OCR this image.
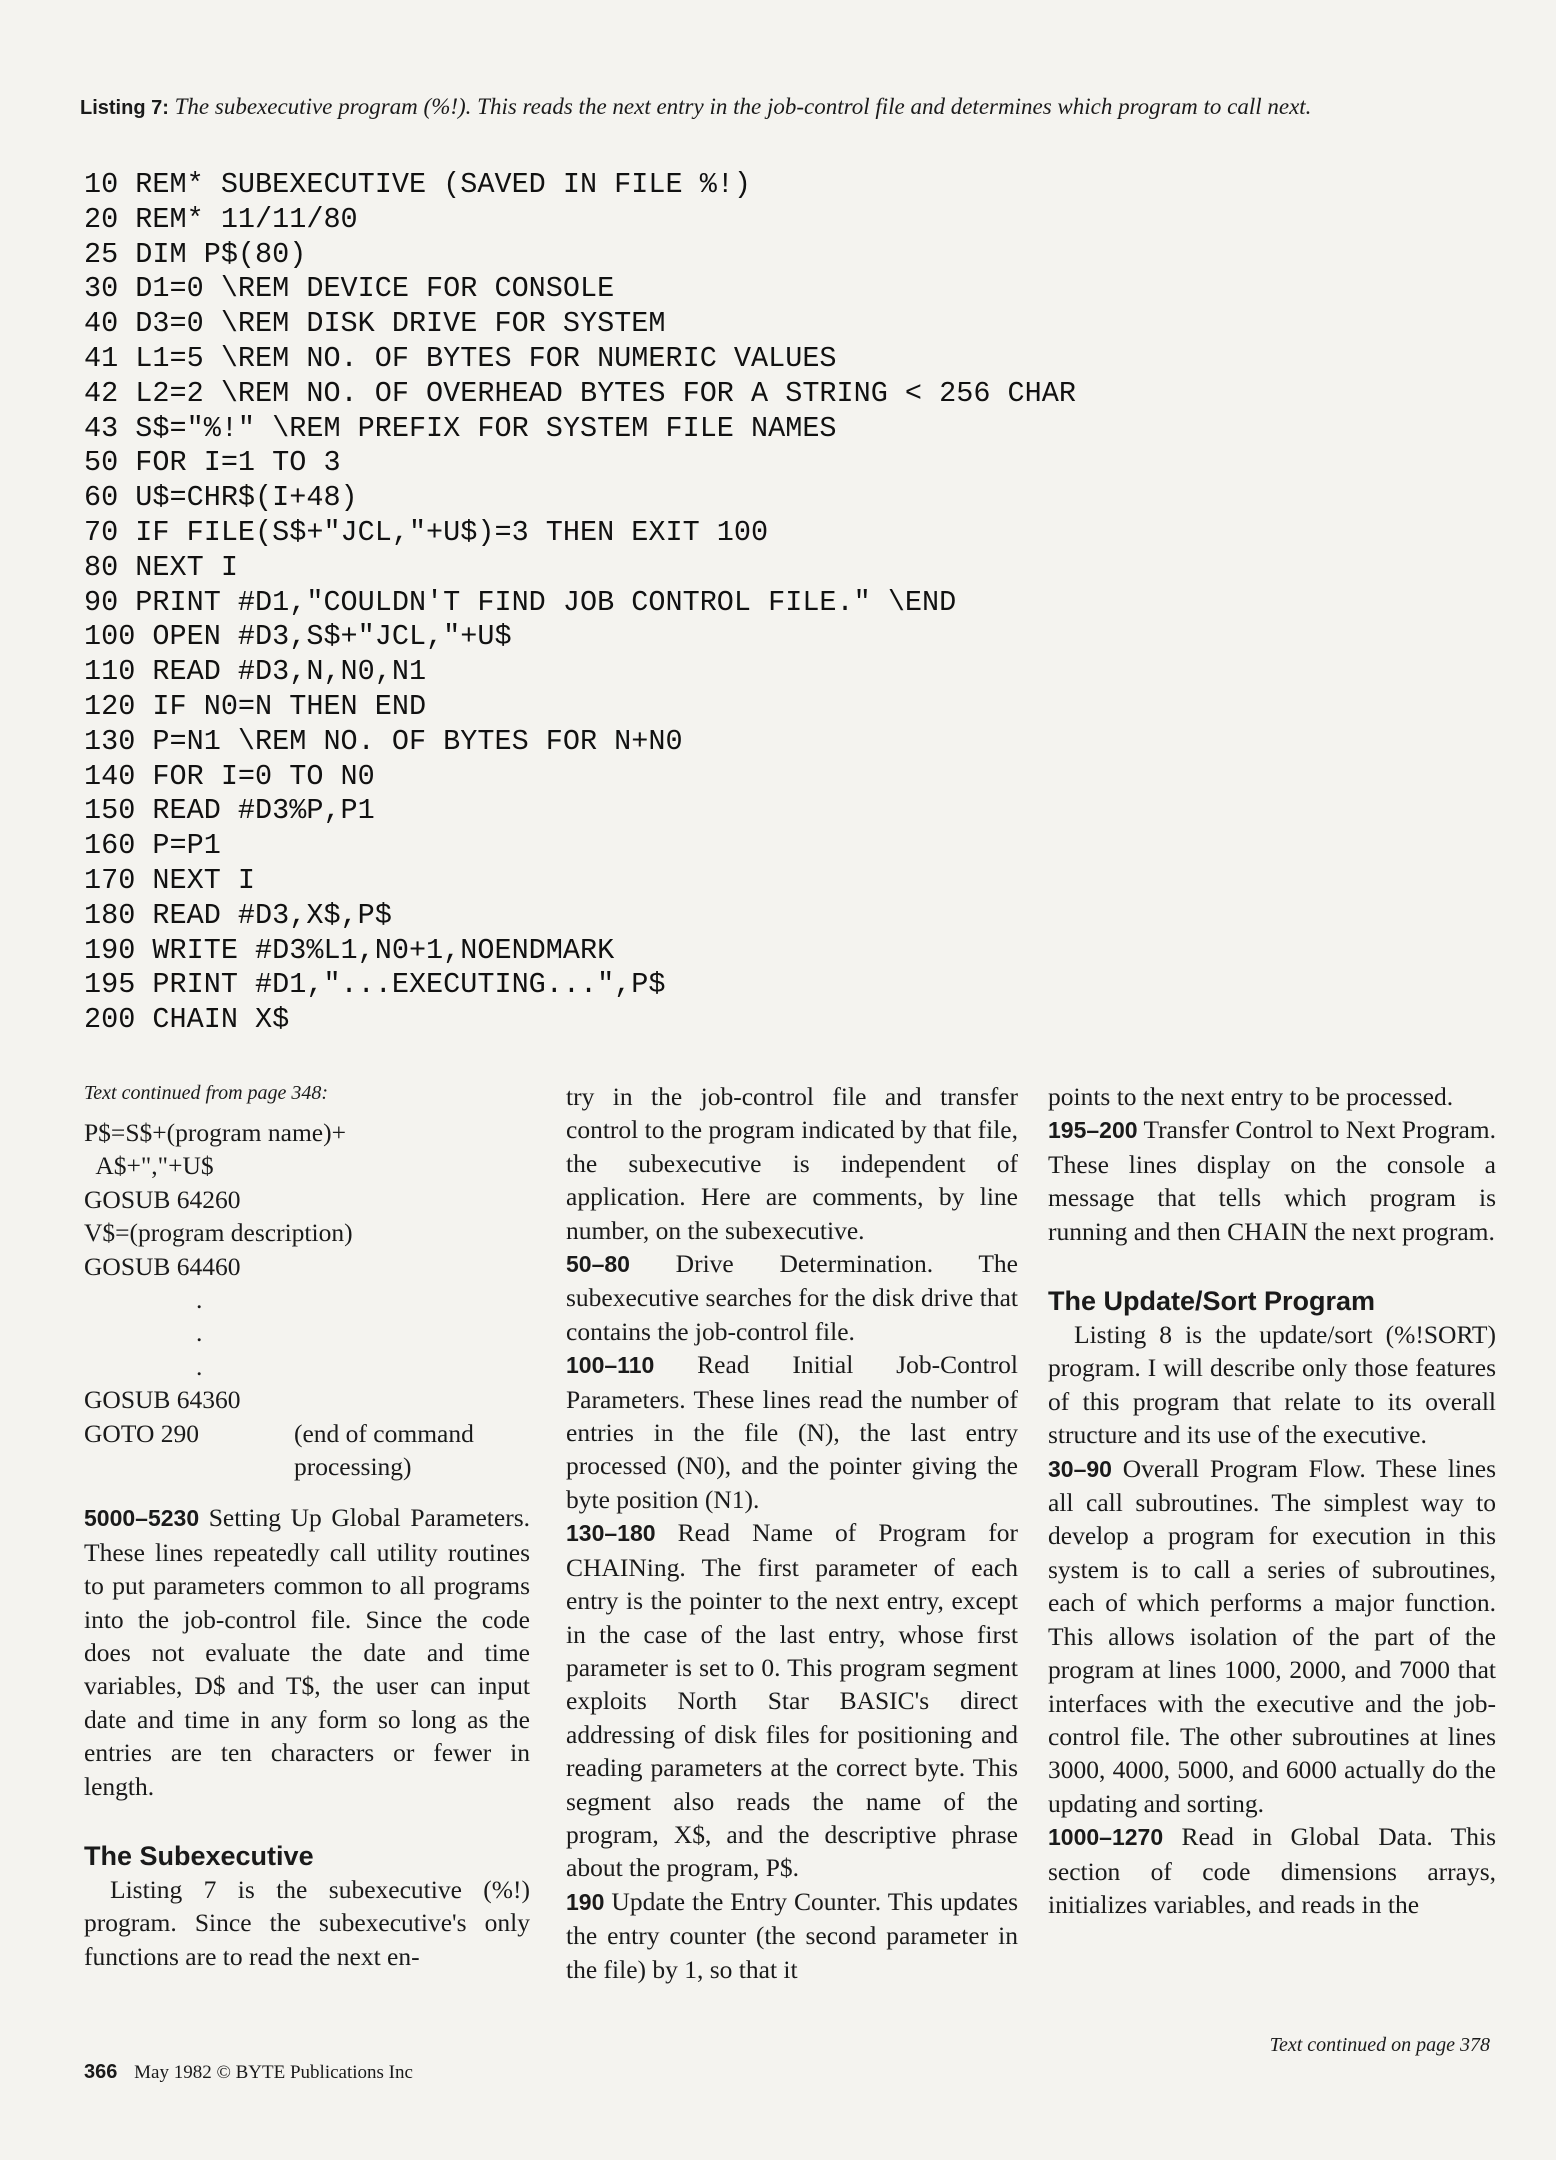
Listing 7: The subexecutive program (%!). This reads the next entry in the job-control file and determines which program to call next.
10 REM* SUBEXECUTIVE (SAVED IN FILE %!)
20 REM* 11/11/80
25 DIM P$(80)
30 D1=0 \REM DEVICE FOR CONSOLE
40 D3=0 \REM DISK DRIVE FOR SYSTEM
41 L1=5 \REM NO. OF BYTES FOR NUMERIC VALUES
42 L2=2 \REM NO. OF OVERHEAD BYTES FOR A STRING < 256 CHAR
43 S$="%!" \REM PREFIX FOR SYSTEM FILE NAMES
50 FOR I=1 TO 3
60 U$=CHR$(I+48)
70 IF FILE(S$+"JCL,"+U$)=3 THEN EXIT 100
80 NEXT I
90 PRINT #D1,"COULDN'T FIND JOB CONTROL FILE." \END
100 OPEN #D3,S$+"JCL,"+U$
110 READ #D3,N,N0,N1
120 IF N0=N THEN END
130 P=N1 \REM NO. OF BYTES FOR N+N0
140 FOR I=0 TO N0
150 READ #D3%P,P1
160 P=P1
170 NEXT I
180 READ #D3,X$,P$
190 WRITE #D3%L1,N0+1,NOENDMARK
195 PRINT #D1,"...EXECUTING...",P$
200 CHAIN X$

Text continued from page 348:

P$=S$+(program name)+
A$+","+U$
GOSUB 64260
V$=(program description)
GOSUB 64460
.
.
.
GOSUB 64360
GOTO 290	(end of command processing)

5000–5230 Setting Up Global Parameters. These lines repeatedly call utility routines to put parameters common to all programs into the job-control file. Since the code does not evaluate the date and time variables, D$ and T$, the user can input date and time in any form so long as the entries are ten characters or fewer in length.

The Subexecutive

Listing 7 is the subexecutive (%!) program. Since the subexecutive's only functions are to read the next en-

try in the job-control file and transfer control to the program indicated by that file, the subexecutive is independent of application. Here are comments, by line number, on the subexecutive.

50–80 Drive Determination. The subexecutive searches for the disk drive that contains the job-control file.

100–110 Read Initial Job-Control Parameters. These lines read the number of entries in the file (N), the last entry processed (N0), and the pointer giving the byte position (N1).

130–180 Read Name of Program for CHAINing. The first parameter of each entry is the pointer to the next entry, except in the case of the last entry, whose first parameter is set to 0. This program segment exploits North Star BASIC's direct addressing of disk files for positioning and reading parameters at the correct byte. This segment also reads the name of the program, X$, and the descriptive phrase about the program, P$.

190 Update the Entry Counter. This updates the entry counter (the second parameter in the file) by 1, so that it

points to the next entry to be processed.

195–200 Transfer Control to Next Program. These lines display on the console a message that tells which program is running and then CHAIN the next program.

The Update/Sort Program

Listing 8 is the update/sort (%!SORT) program. I will describe only those features of this program that relate to its overall structure and its use of the executive.

30–90 Overall Program Flow. These lines all call subroutines. The simplest way to develop a program for execution in this system is to call a series of subroutines, each of which performs a major function. This allows isolation of the part of the program at lines 1000, 2000, and 7000 that interfaces with the executive and the job-control file. The other subroutines at lines 3000, 4000, 5000, and 6000 actually do the updating and sorting.

1000–1270 Read in Global Data. This section of code dimensions arrays, initializes variables, and reads in the

Text continued on page 378
366 May 1982 © BYTE Publications Inc
